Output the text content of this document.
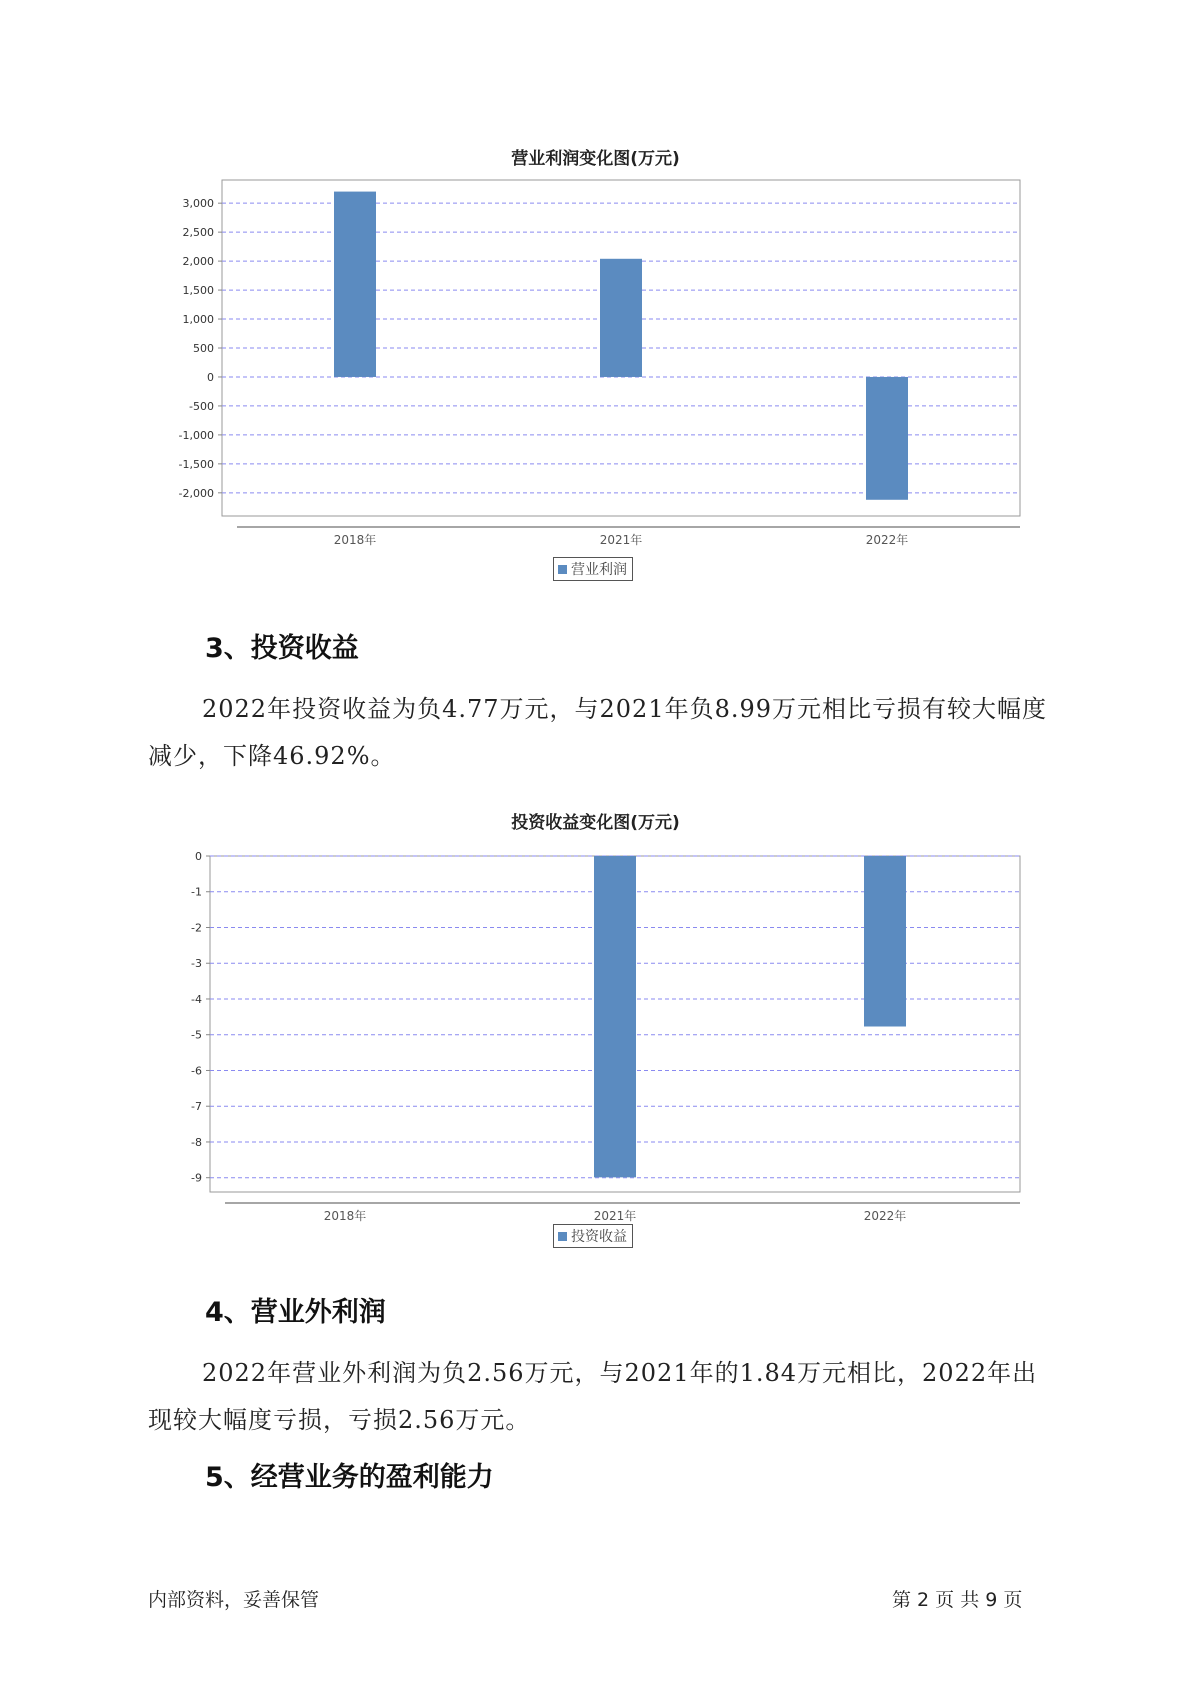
营业利润变化图(万元)
3,000
2,500
2,000
1,500
1,000
500
0
-500
-1,000
-1,500
-2,000
2018年	2021年	2022年
营业利润
3、投资收益

2022年投资收益为负4.77万元，与2021年负8.99万元相比亏损有较大幅度减少，下降46.92%。

投资收益变化图(万元)
0
-1
-2
-3
-4
-5
-6
-7
-8
-9
2018年	2021年	2022年
投资收益
4、营业外利润

2022年营业外利润为负2.56万元，与2021年的1.84万元相比，2022年出现较大幅度亏损，亏损2.56万元。

5、经营业务的盈利能力
内部资料，妥善保管	第 2 页 共 9 页
